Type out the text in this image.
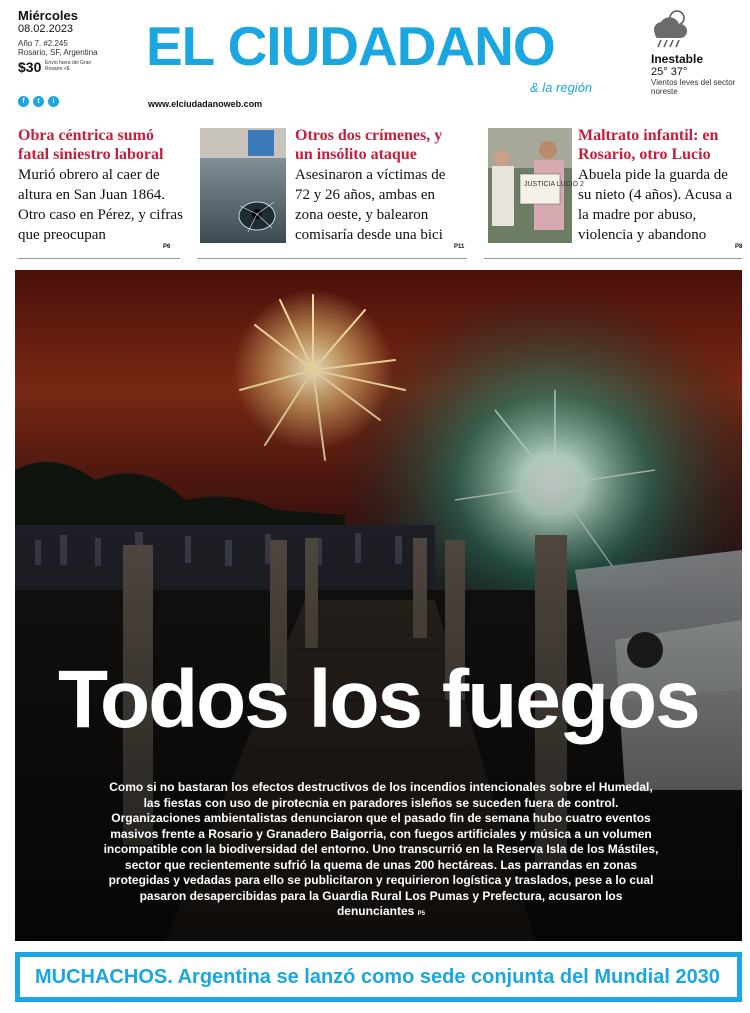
Miércoles
08.02.2023
Año 7. #2.245
Rosario, SF, Argentina
$30 Envío fuera del Gran Rosario +$	EL CIUDADANO
& la región
f	t	i	www.elciudadanoweb.com
Inestable
25° 37°
Vientos leves del sector noreste
Obra céntrica sumó fatal siniestro laboral
Murió obrero al caer de altura en San Juan 1864. Otro caso en Pérez, y cifras que preocupan
P6
Otros dos crímenes, y un insólito ataque
Asesinaron a víctimas de 72 y 26 años, ambas en zona oeste, y balearon comisaría desde una bici
P11
JUSTICIA LUCIO 2
Maltrato infantil: en Rosario, otro Lucio
Abuela pide la guarda de su nieto (4 años). Acusa a la madre por abuso, violencia y abandono
P8
Todos los fuegos
Como si no bastaran los efectos destructivos de los incendios intencionales sobre el Humedal, las fiestas con uso de pirotecnia en paradores isleños se suceden fuera de control. Organizaciones ambientalistas denunciaron que el pasado fin de semana hubo cuatro eventos masivos frente a Rosario y Granadero Baigorria, con fuegos artificiales y música a un volumen incompatible con la biodiversidad del entorno. Uno transcurrió en la Reserva Isla de los Mástiles, sector que recientemente sufrió la quema de unas 200 hectáreas. Las parrandas en zonas protegidas y vedadas para ello se publicitaron y requirieron logística y traslados, pese a lo cual pasaron desapercibidas para la Guardia Rural Los Pumas y Prefectura, acusaron los denunciantes P5
MUCHACHOS. Argentina se lanzó como sede conjunta del Mundial 2030
